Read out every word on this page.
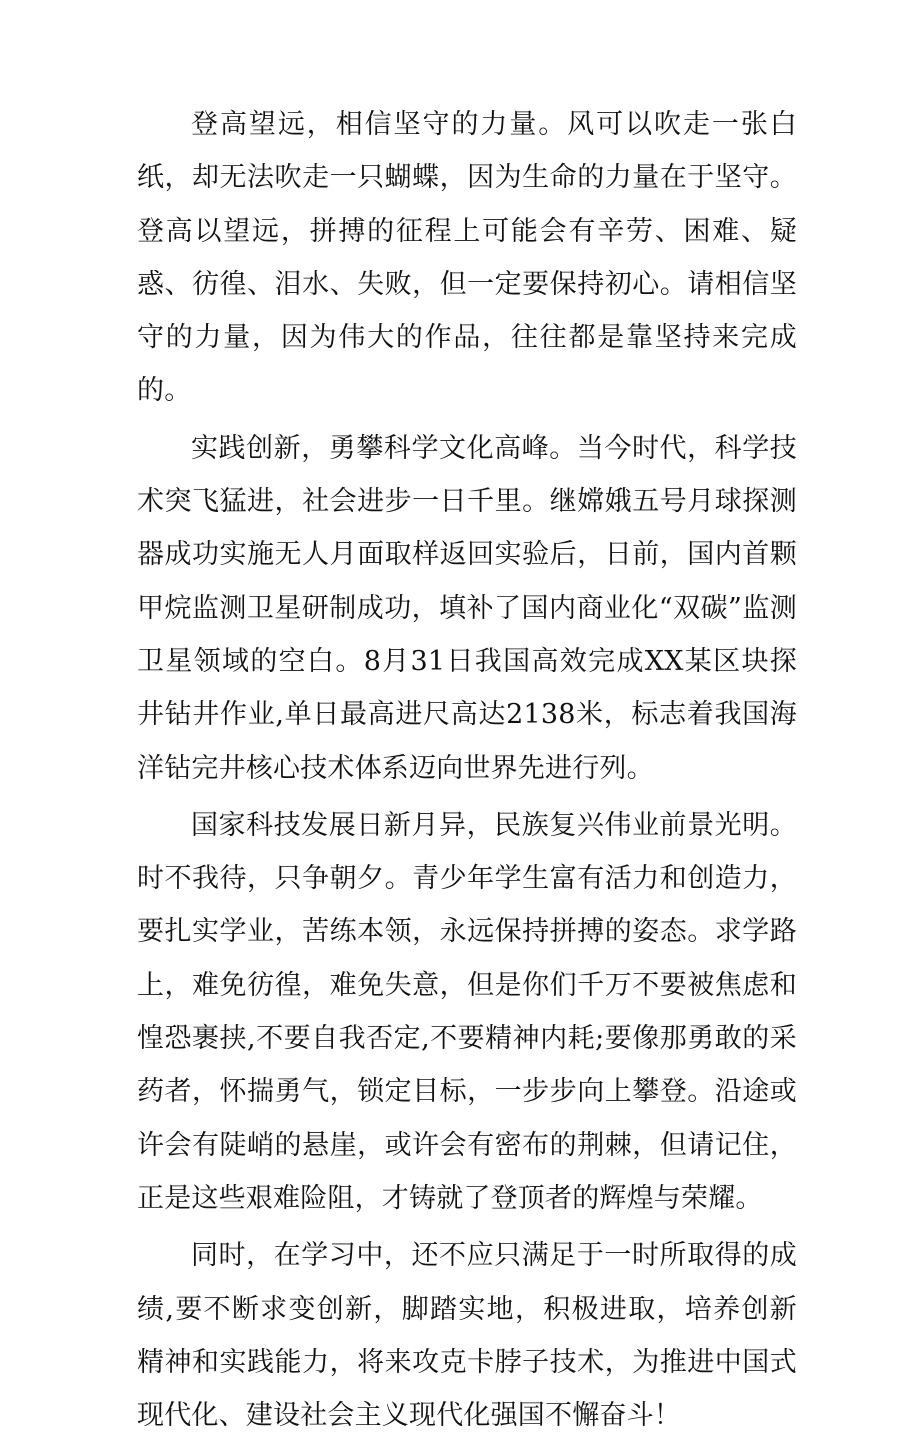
登高望远，相信坚守的力量。风可以吹走一张白纸，却无法吹走一只蝴蝶，因为生命的力量在于坚守。登高以望远，拼搏的征程上可能会有辛劳、困难、疑惑、彷徨、泪水、失败，但一定要保持初心。请相信坚守的力量，因为伟大的作品，往往都是靠坚持来完成的。

实践创新，勇攀科学文化高峰。当今时代，科学技术突飞猛进，社会进步一日千里。继嫦娥五号月球探测器成功实施无人月面取样返回实验后，日前，国内首颗甲烷监测卫星研制成功，填补了国内商业化“双碳”监测卫星领域的空白。8月31日我国高效完成XX某区块探井钻井作业,单日最高进尺高达2138米，标志着我国海洋钻完井核心技术体系迈向世界先进行列。

国家科技发展日新月异，民族复兴伟业前景光明。时不我待，只争朝夕。青少年学生富有活力和创造力，要扎实学业，苦练本领，永远保持拼搏的姿态。求学路上，难免彷徨，难免失意，但是你们千万不要被焦虑和惶恐裹挟,不要自我否定,不要精神内耗;要像那勇敢的采药者，怀揣勇气，锁定目标，一步步向上攀登。沿途或许会有陡峭的悬崖，或许会有密布的荆棘，但请记住，正是这些艰难险阻，才铸就了登顶者的辉煌与荣耀。

同时，在学习中，还不应只满足于一时所取得的成绩,要不断求变创新，脚踏实地，积极进取，培养创新精神和实践能力，将来攻克卡脖子技术，为推进中国式现代化、建设社会主义现代化强国不懈奋斗！
